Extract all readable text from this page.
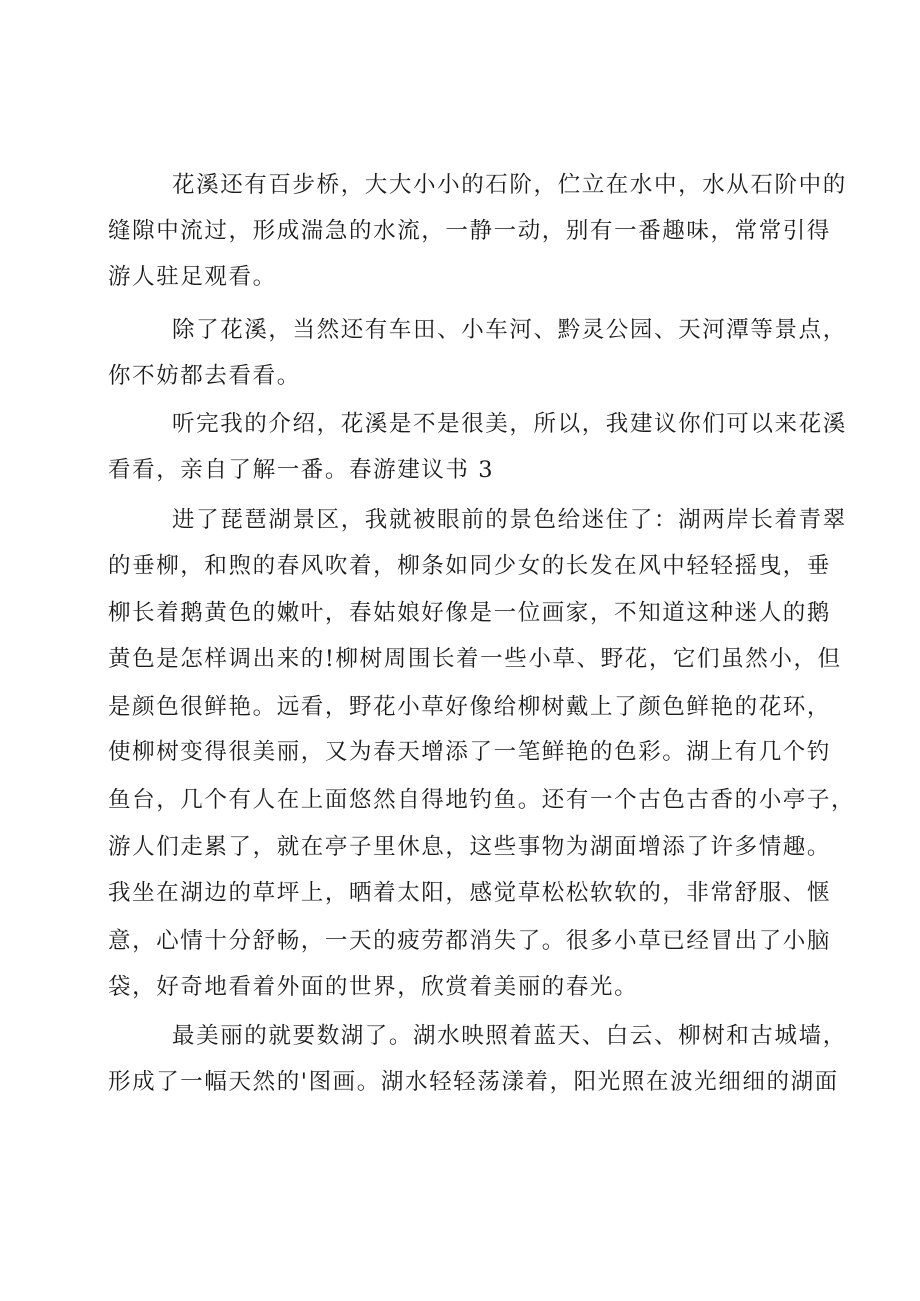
花溪还有百步桥，大大小小的石阶，伫立在水中，水从石阶中的
缝隙中流过，形成湍急的水流，一静一动，别有一番趣味，常常引得
游人驻足观看。
除了花溪，当然还有车田、小车河、黔灵公园、天河潭等景点，
你不妨都去看看。
听完我的介绍，花溪是不是很美，所以，我建议你们可以来花溪
看看，亲自了解一番。春游建议书 3
进了琵琶湖景区，我就被眼前的景色给迷住了：湖两岸长着青翠
的垂柳，和煦的春风吹着，柳条如同少女的长发在风中轻轻摇曳，垂
柳长着鹅黄色的嫩叶，春姑娘好像是一位画家，不知道这种迷人的鹅
黄色是怎样调出来的!柳树周围长着一些小草、野花，它们虽然小，但
是颜色很鲜艳。远看，野花小草好像给柳树戴上了颜色鲜艳的花环，
使柳树变得很美丽，又为春天增添了一笔鲜艳的色彩。湖上有几个钓
鱼台，几个有人在上面悠然自得地钓鱼。还有一个古色古香的小亭子，
游人们走累了，就在亭子里休息，这些事物为湖面增添了许多情趣。
我坐在湖边的草坪上，晒着太阳，感觉草松松软软的，非常舒服、惬
意，心情十分舒畅，一天的疲劳都消失了。很多小草已经冒出了小脑
袋，好奇地看着外面的世界，欣赏着美丽的春光。
最美丽的就要数湖了。湖水映照着蓝天、白云、柳树和古城墙，
形成了一幅天然的'图画。湖水轻轻荡漾着，阳光照在波光细细的湖面
